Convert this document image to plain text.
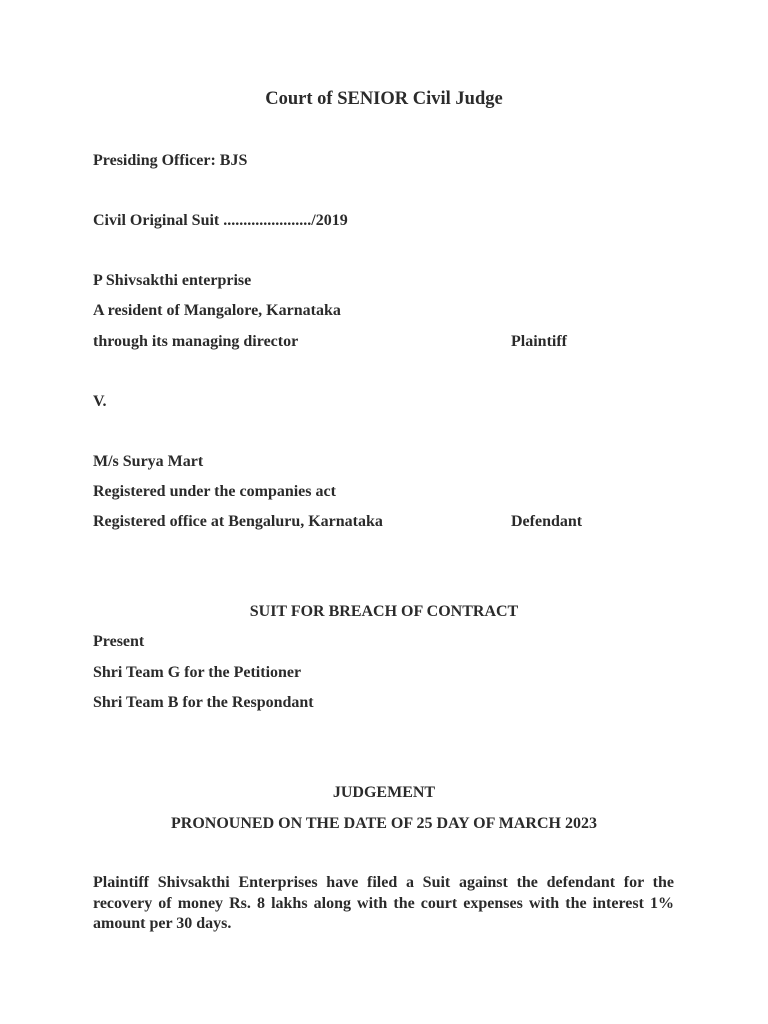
Court of SENIOR Civil Judge
Presiding Officer: BJS
Civil Original Suit ....................../2019
P Shivsakthi enterprise
A resident of Mangalore, Karnataka
through its managing director	Plaintiff
V.
M/s Surya Mart
Registered under the companies act
Registered office at Bengaluru, Karnataka	Defendant
SUIT FOR BREACH OF CONTRACT
Present
Shri Team G for the Petitioner
Shri Team B for the Respondant
JUDGEMENT
PRONOUNED ON THE DATE OF 25 DAY OF MARCH 2023
Plaintiff Shivsakthi Enterprises have filed a Suit against the defendant for the recovery of money Rs. 8 lakhs along with the court expenses with the interest 1% amount per 30 days.
